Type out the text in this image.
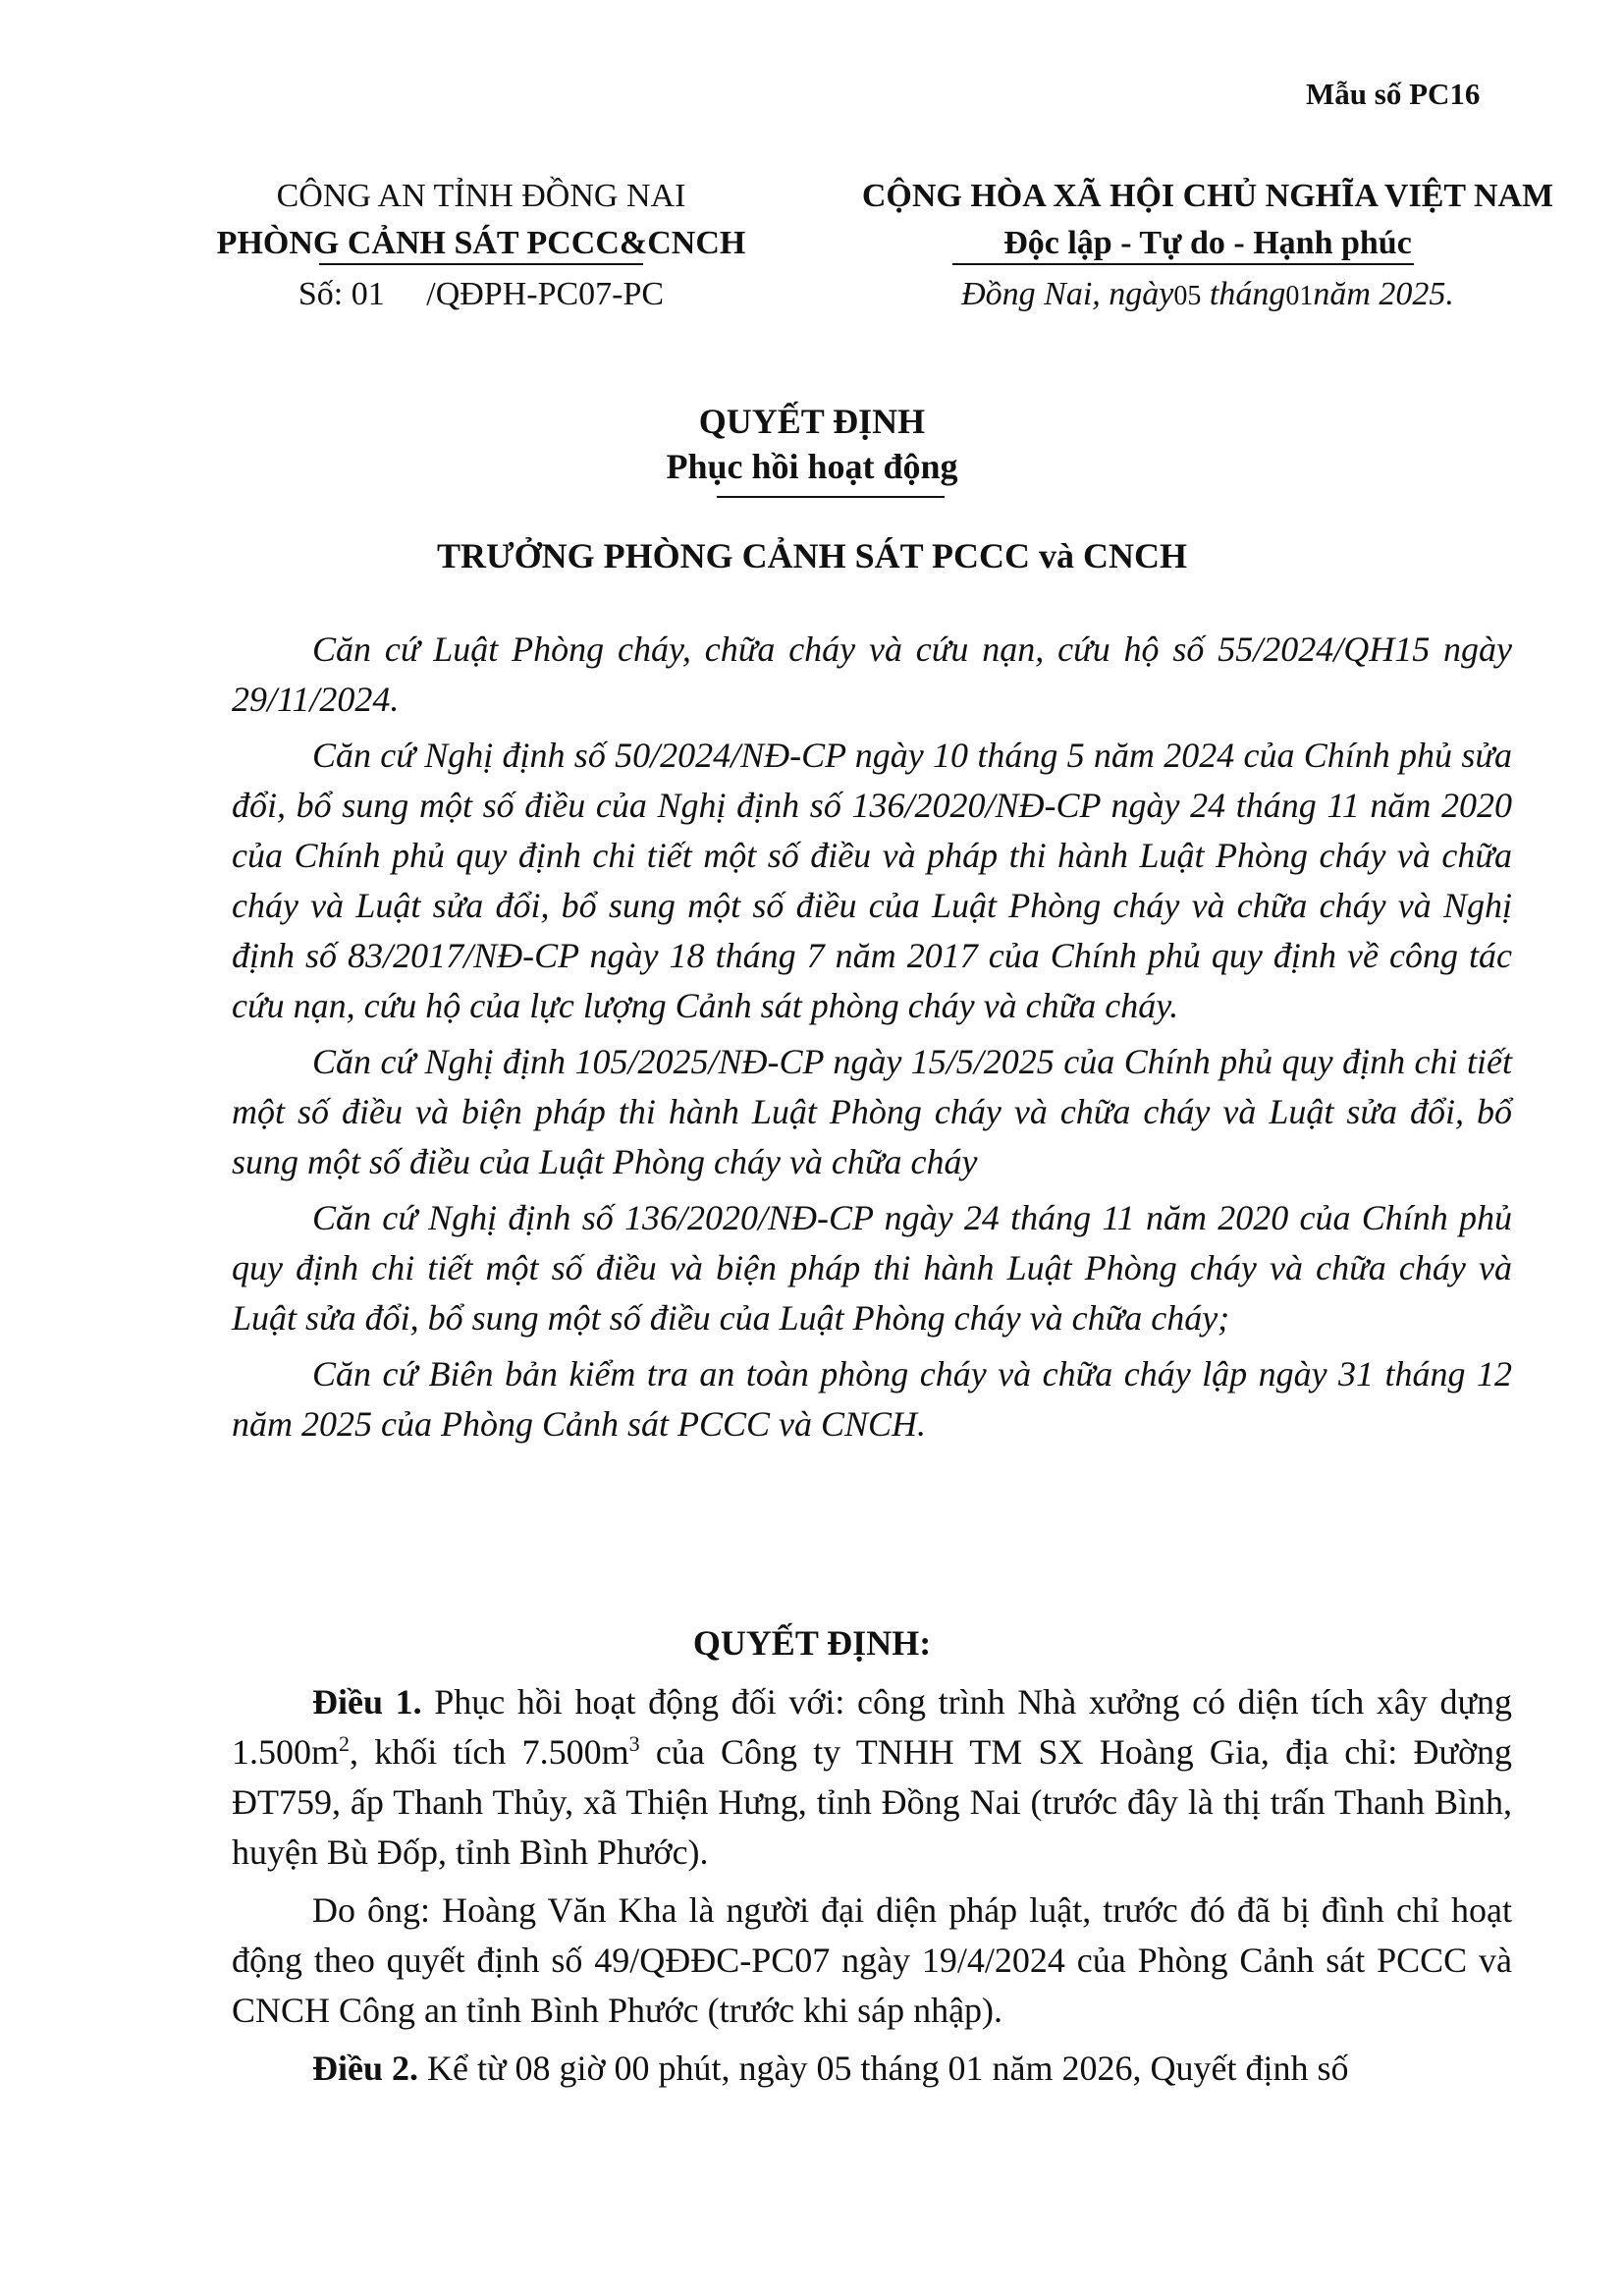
Mẫu số PC16
CÔNG AN TỈNH ĐỒNG NAI
PHÒNG CẢNH SÁT PCCC&CNCH
CỘNG HÒA XÃ HỘI CHỦ NGHĨA VIỆT NAM
Độc lập - Tự do - Hạnh phúc
Số: 01 /QĐPH-PC07-PC	Đồng Nai, ngày05 tháng01năm 2025.
QUYẾT ĐỊNH
Phục hồi hoạt động
TRƯỞNG PHÒNG CẢNH SÁT PCCC và CNCH

Căn cứ Luật Phòng cháy, chữa cháy và cứu nạn, cứu hộ số 55/2024/QH15 ngày 29/11/2024.

Căn cứ Nghị định số 50/2024/NĐ-CP ngày 10 tháng 5 năm 2024 của Chính phủ sửa đổi, bổ sung một số điều của Nghị định số 136/2020/NĐ-CP ngày 24 tháng 11 năm 2020 của Chính phủ quy định chi tiết một số điều và pháp thi hành Luật Phòng cháy và chữa cháy và Luật sửa đổi, bổ sung một số điều của Luật Phòng cháy và chữa cháy và Nghị định số 83/2017/NĐ-CP ngày 18 tháng 7 năm 2017 của Chính phủ quy định về công tác cứu nạn, cứu hộ của lực lượng Cảnh sát phòng cháy và chữa cháy.

Căn cứ Nghị định 105/2025/NĐ-CP ngày 15/5/2025 của Chính phủ quy định chi tiết một số điều và biện pháp thi hành Luật Phòng cháy và chữa cháy và Luật sửa đổi, bổ sung một số điều của Luật Phòng cháy và chữa cháy

Căn cứ Nghị định số 136/2020/NĐ-CP ngày 24 tháng 11 năm 2020 của Chính phủ quy định chi tiết một số điều và biện pháp thi hành Luật Phòng cháy và chữa cháy và Luật sửa đổi, bổ sung một số điều của Luật Phòng cháy và chữa cháy;

Căn cứ Biên bản kiểm tra an toàn phòng cháy và chữa cháy lập ngày 31 tháng 12 năm 2025 của Phòng Cảnh sát PCCC và CNCH.

QUYẾT ĐỊNH:

Điều 1. Phục hồi hoạt động đối với: công trình Nhà xưởng có diện tích xây dựng $1.500m^2$, khối tích $7.500m^3$ của Công ty TNHH TM SX Hoàng Gia, địa chỉ: Đường ĐT759, ấp Thanh Thủy, xã Thiện Hưng, tỉnh Đồng Nai (trước đây là thị trấn Thanh Bình, huyện Bù Đốp, tỉnh Bình Phước).

Do ông: Hoàng Văn Kha là người đại diện pháp luật, trước đó đã bị đình chỉ hoạt động theo quyết định số 49/QĐĐC-PC07 ngày 19/4/2024 của Phòng Cảnh sát PCCC và CNCH Công an tỉnh Bình Phước (trước khi sáp nhập).

Điều 2. Kể từ 08 giờ 00 phút, ngày 05 tháng 01 năm 2026, Quyết định số
